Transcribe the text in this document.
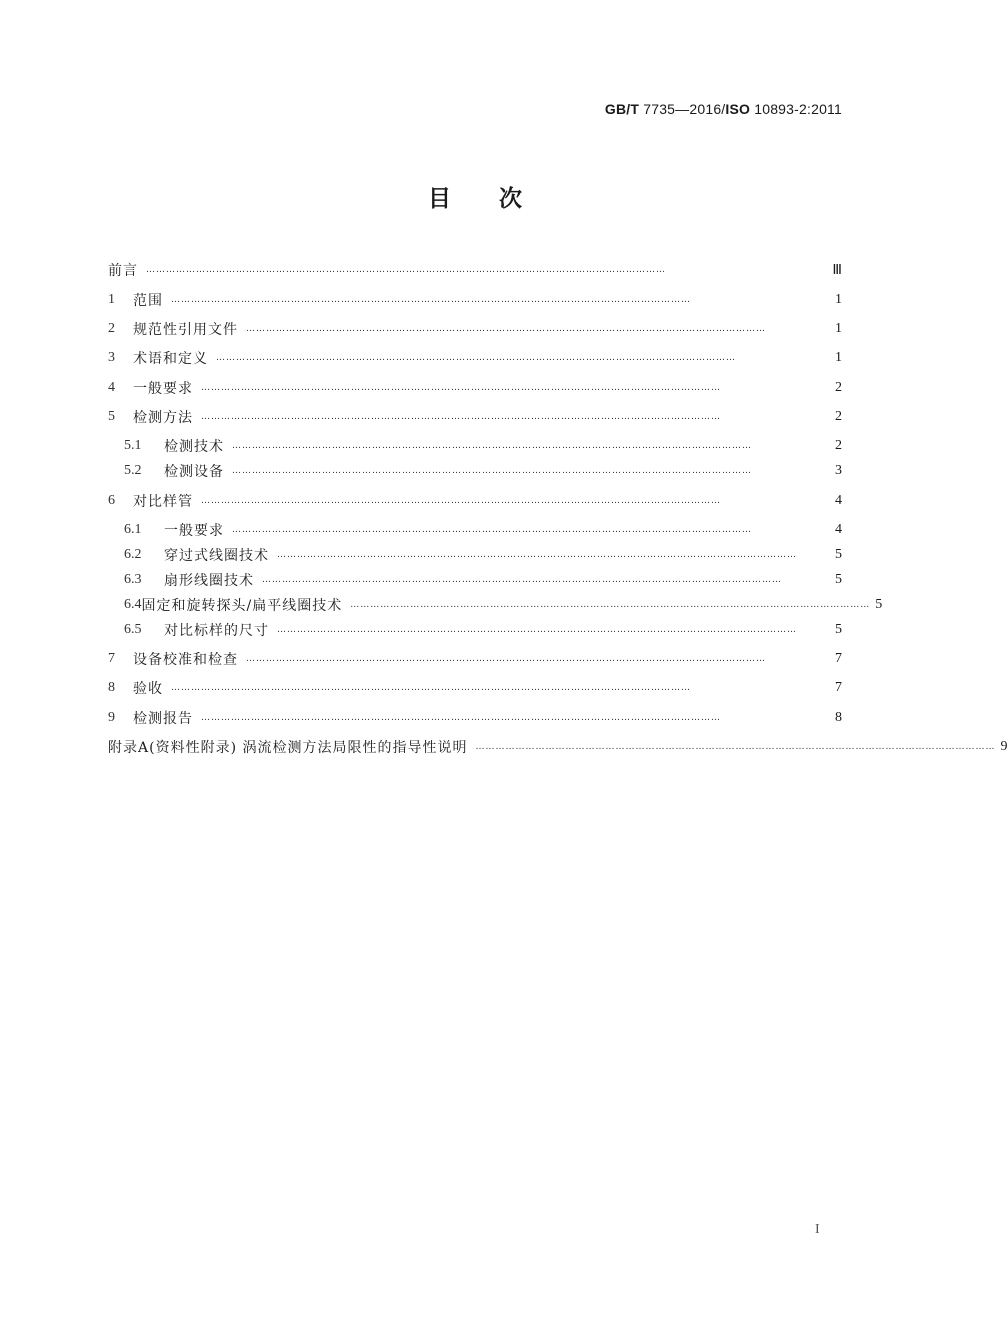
GB/T 7735—2016/ISO 10893-2:2011
目次
前言 …………………………………………………………………………………………………………………………………………	Ⅲ
1	范围 …………………………………………………………………………………………………………………………………………	1
2	规范性引用文件 …………………………………………………………………………………………………………………………………………	1
3	术语和定义 …………………………………………………………………………………………………………………………………………	1
4	一般要求 …………………………………………………………………………………………………………………………………………	2
5	检测方法 …………………………………………………………………………………………………………………………………………	2
5.1	检测技术 …………………………………………………………………………………………………………………………………………	2
5.2	检测设备 …………………………………………………………………………………………………………………………………………	3
6	对比样管 …………………………………………………………………………………………………………………………………………	4
6.1	一般要求 …………………………………………………………………………………………………………………………………………	4
6.2	穿过式线圈技术 …………………………………………………………………………………………………………………………………………	5
6.3	扇形线圈技术 …………………………………………………………………………………………………………………………………………	5
6.4 固定和旋转探头/扁平线圈技术 ………………………………………………………………………………………………………………………………………… 5
6.5	对比标样的尺寸 …………………………………………………………………………………………………………………………………………	5
7	设备校准和检查 …………………………………………………………………………………………………………………………………………	7
8	验收 …………………………………………………………………………………………………………………………………………	7
9	检测报告 …………………………………………………………………………………………………………………………………………	8
附录A(资料性附录) 涡流检测方法局限性的指导性说明 ………………………………………………………………………………………………………………………………………… 9
I
